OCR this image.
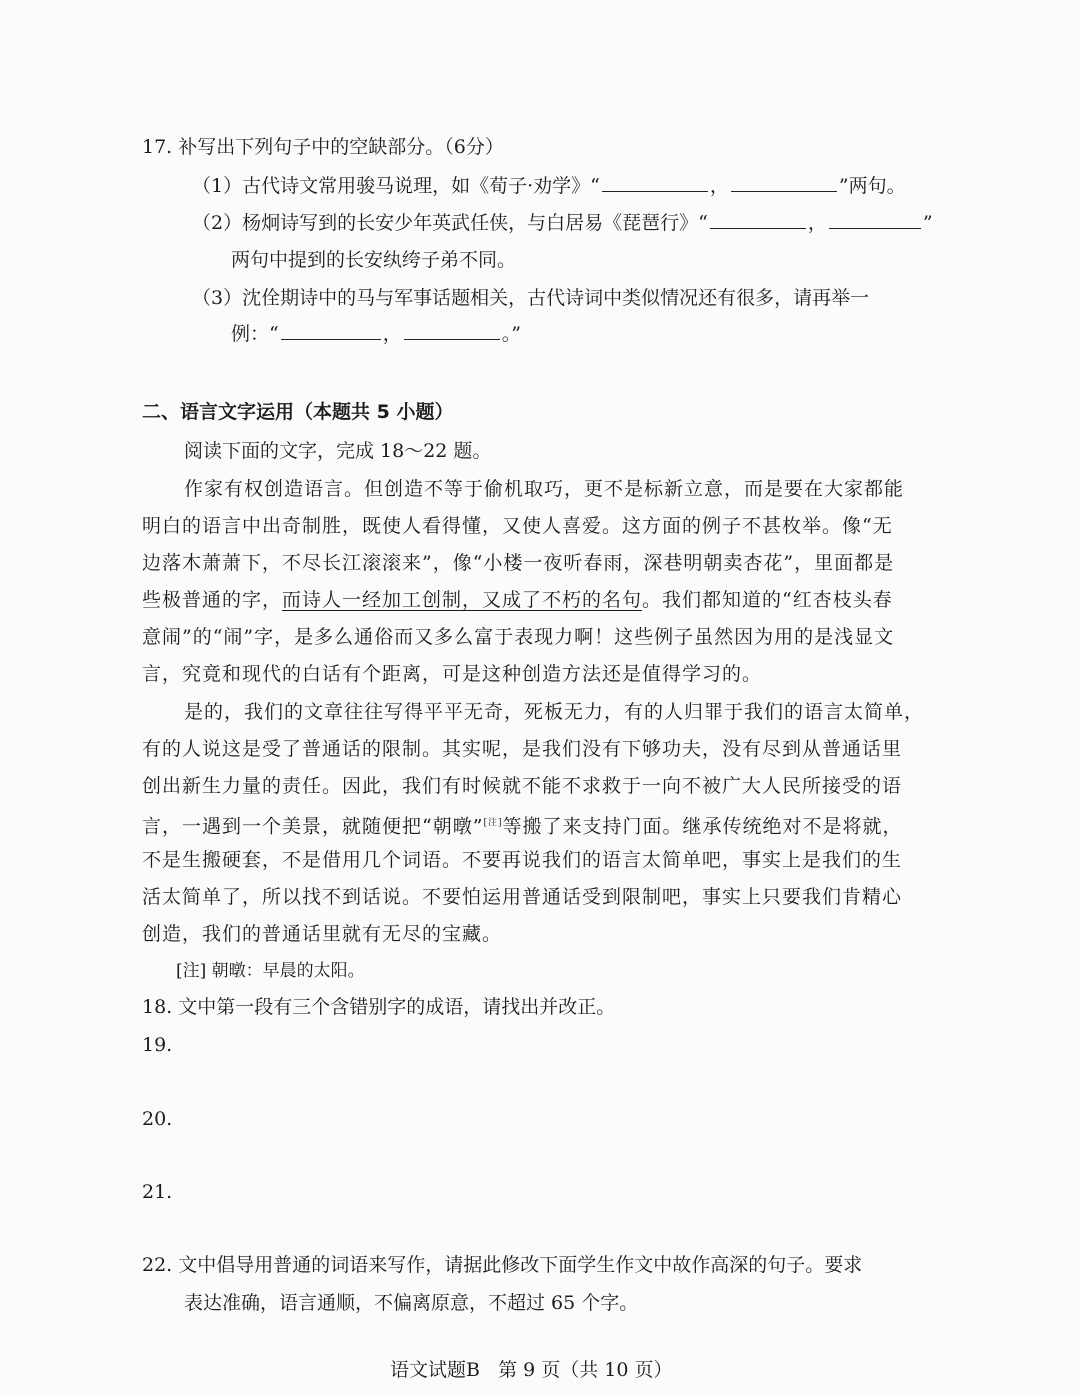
17. 补写出下列句子中的空缺部分。（6分）
（1）古代诗文常用骏马说理，如《荀子·劝学》“	，	”两句。
（2）杨炯诗写到的长安少年英武任侠，与白居易《琵琶行》“	，	”
两句中提到的长安纨绔子弟不同。
（3）沈佺期诗中的马与军事话题相关，古代诗词中类似情况还有很多，请再举一
例：“	，	。”
二、语言文字运用（本题共 5 小题）
阅读下面的文字，完成 18～22 题。
作家有权创造语言。但创造不等于偷机取巧，更不是标新立意，而是要在大家都能
明白的语言中出奇制胜，既使人看得懂，又使人喜爱。这方面的例子不甚枚举。像“无
边落木萧萧下，不尽长江滚滚来”，像“小楼一夜听春雨，深巷明朝卖杏花”，里面都是
些极普通的字，而诗人一经加工创制，又成了不朽的名句。我们都知道的“红杏枝头春
意闹”的“闹”字，是多么通俗而又多么富于表现力啊！这些例子虽然因为用的是浅显文
言，究竟和现代的白话有个距离，可是这种创造方法还是值得学习的。
是的，我们的文章往往写得平平无奇，死板无力，有的人归罪于我们的语言太简单，
有的人说这是受了普通话的限制。其实呢，是我们没有下够功夫，没有尽到从普通话里
创出新生力量的责任。因此，我们有时候就不能不求救于一向不被广大人民所接受的语
言，一遇到一个美景，就随便把“朝暾”[注]等搬了来支持门面。继承传统绝对不是将就，
不是生搬硬套，不是借用几个词语。不要再说我们的语言太简单吧，事实上是我们的生
活太简单了，所以找不到话说。不要怕运用普通话受到限制吧，事实上只要我们肯精心
创造，我们的普通话里就有无尽的宝藏。
[注] 朝暾：早晨的太阳。
18. 文中第一段有三个含错别字的成语，请找出并改正。
19.
20.
21.
22. 文中倡导用普通的词语来写作，请据此修改下面学生作文中故作高深的句子。要求
表达准确，语言通顺，不偏离原意，不超过 65 个字。
语文试题B   第 9 页（共 10 页）
